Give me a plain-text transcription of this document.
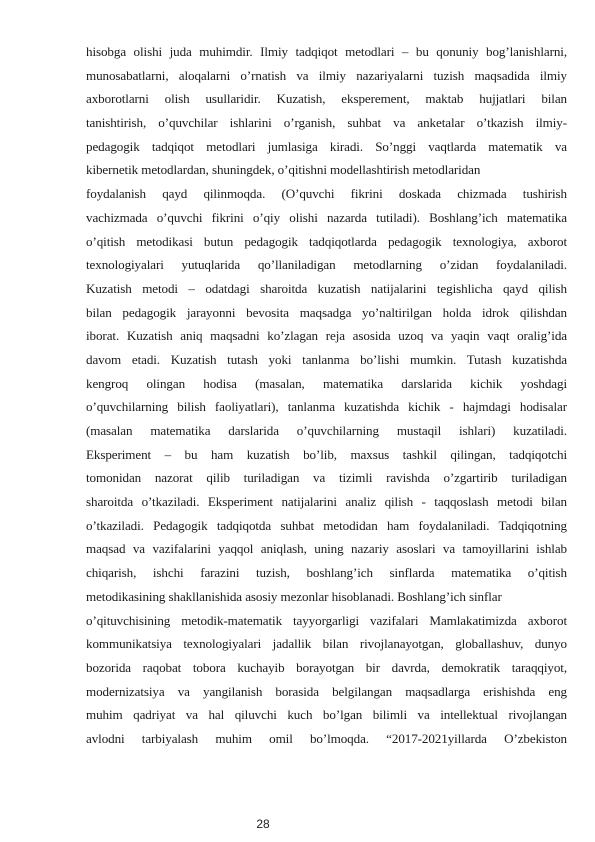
hisobga olishi juda muhimdir. Ilmiy tadqiqot metodlari – bu qonuniy bog’lanishlarni,
munosabatlarni, aloqalarni o’rnatish va ilmiy nazariyalarni tuzish maqsadida ilmiy
axborotlarni olish usullaridir. Kuzatish, eksperement, maktab hujjatlari bilan
tanishtirish, o’quvchilar ishlarini o’rganish, suhbat va anketalar o’tkazish ilmiy-
pedagogik tadqiqot metodlari jumlasiga kiradi. So’nggi vaqtlarda matematik va
kibernetik metodlardan, shuningdek, o’qitishni modellashtirish metodlaridan
foydalanish qayd qilinmoqda. (O’quvchi fikrini doskada chizmada tushirish
vachizmada o’quvchi fikrini o’qiy olishi nazarda tutiladi). Boshlang’ich matematika
o’qitish metodikasi butun pedagogik tadqiqotlarda pedagogik texnologiya, axborot
texnologiyalari yutuqlarida qo’llaniladigan metodlarning o’zidan foydalaniladi.
Kuzatish metodi – odatdagi sharoitda kuzatish natijalarini tegishlicha qayd qilish
bilan pedagogik jarayonni bevosita maqsadga yo’naltirilgan holda idrok qilishdan
iborat. Kuzatish aniq maqsadni ko’zlagan reja asosida uzoq va yaqin vaqt oralig’ida
davom etadi. Kuzatish tutash yoki tanlanma bo’lishi mumkin. Tutash kuzatishda
kengroq olingan hodisa (masalan, matematika darslarida kichik yoshdagi
o’quvchilarning bilish faoliyatlari), tanlanma kuzatishda kichik - hajmdagi hodisalar
(masalan matematika darslarida o’quvchilarning mustaqil ishlari) kuzatiladi.
Eksperiment – bu ham kuzatish bo’lib, maxsus tashkil qilingan, tadqiqotchi
tomonidan nazorat qilib turiladigan va tizimli ravishda o’zgartirib turiladigan
sharoitda o’tkaziladi. Eksperiment natijalarini analiz qilish - taqqoslash metodi bilan
o’tkaziladi. Pedagogik tadqiqotda suhbat metodidan ham foydalaniladi. Tadqiqotning
maqsad va vazifalarini yaqqol aniqlash, uning nazariy asoslari va tamoyillarini ishlab
chiqarish, ishchi farazini tuzish, boshlang’ich sinflarda matematika o’qitish
metodikasining shakllanishida asosiy mezonlar hisoblanadi. Boshlang’ich sinflar
o’qituvchisining metodik-matematik tayyorgarligi vazifalari Mamlakatimizda axborot
kommunikatsiya texnologiyalari jadallik bilan rivojlanayotgan, globallashuv, dunyo
bozorida raqobat tobora kuchayib borayotgan bir davrda, demokratik taraqqiyot,
modernizatsiya va yangilanish borasida belgilangan maqsadlarga erishishda eng
muhim qadriyat va hal qiluvchi kuch bo’lgan bilimli va intellektual rivojlangan
avlodni tarbiyalash muhim omil bo’lmoqda. “2017-2021yillarda O’zbekiston
28
